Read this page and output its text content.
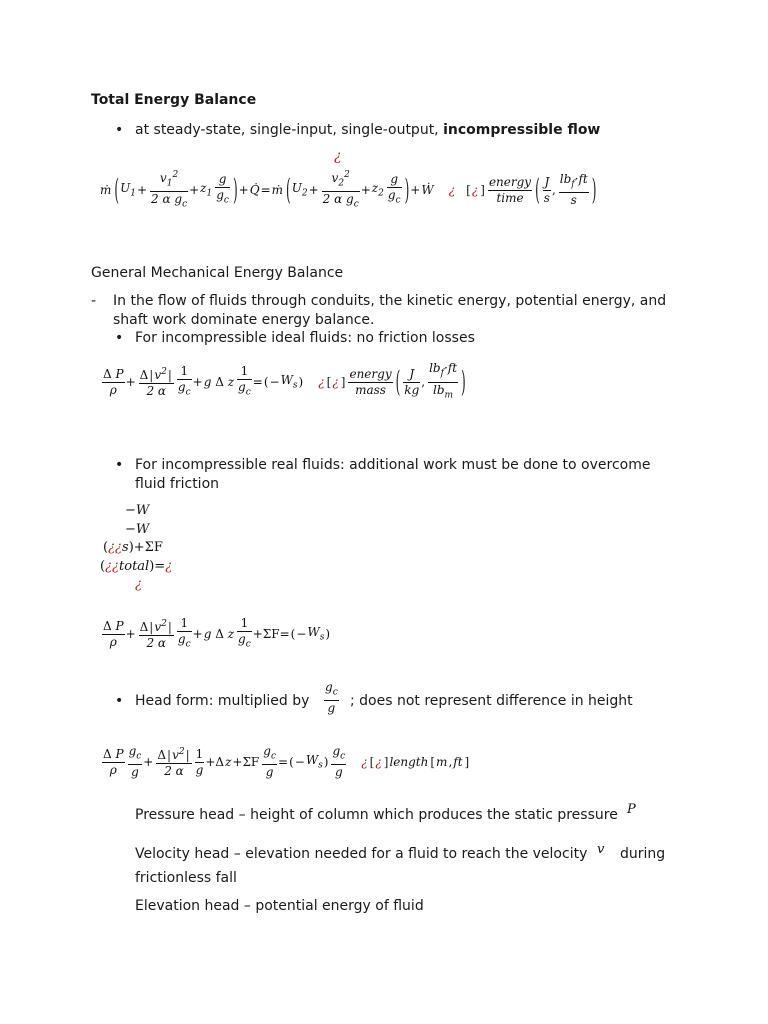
Total Energy Balance
• at steady-state, single-input, single-output, incompressible flow
¿
ṁ ( $U_1 + \frac{v_1^2}{2 \alpha g_c} + z_1 \frac{g}{g_c}$ ) + Q̇ = ṁ ( $U_2 + \frac{v_2^2}{2 \alpha g_c} + z_2 \frac{g}{g_c}$ ) + Ẇ ¿ [ ¿ ] $\frac{\text{energy}}{\text{time}}$ ( $\frac{J}{s}$ , $\frac{lb_f\cdot ft}{s}$ )
General Mechanical Energy Balance
- In the flow of fluids through conduits, the kinetic energy, potential energy, and
shaft work dominate energy balance.
• For incompressible ideal fluids: no friction losses
$\frac{\text{Δ P}}{\rho} + \frac{\Delta|v^2|}{2 \alpha} \frac{1}{g_c} + g$ Δ z $\frac{1}{g_c}$ = ( − $W_s$ ) ¿ [ ¿ ] $\frac{\text{energy}}{\text{mass}}$ ( $\frac{J}{kg}$ , $\frac{lb_f\cdot ft}{lb_m}$ )
• For incompressible real fluids: additional work must be done to overcome
fluid friction
−W
−W
(¿¿s)+ΣF
(¿¿total)=¿
¿
$\frac{\text{Δ P}}{\rho} + \frac{\Delta|v^2|}{2 \alpha} \frac{1}{g_c} + g$ Δ z $\frac{1}{g_c} +\Sigma F=$ ( − $W_s$ )
• Head form: multiplied by $\frac{g_c}{g}$ ; does not represent difference in height
$\frac{\text{Δ P}}{\rho} \frac{g_c}{g} + \frac{\Delta|v^2|}{2 \alpha} \frac{1}{g} +\Delta$ $z +\Sigma F \frac{g_c}{g}$ = ( − $W_s$ ) $\frac{g_c}{g}$ ¿ [ ¿ ] length [ m , ft ]
Pressure head – height of column which produces the static pressure P
Velocity head – elevation needed for a fluid to reach the velocity v during
frictionless fall
Elevation head – potential energy of fluid
